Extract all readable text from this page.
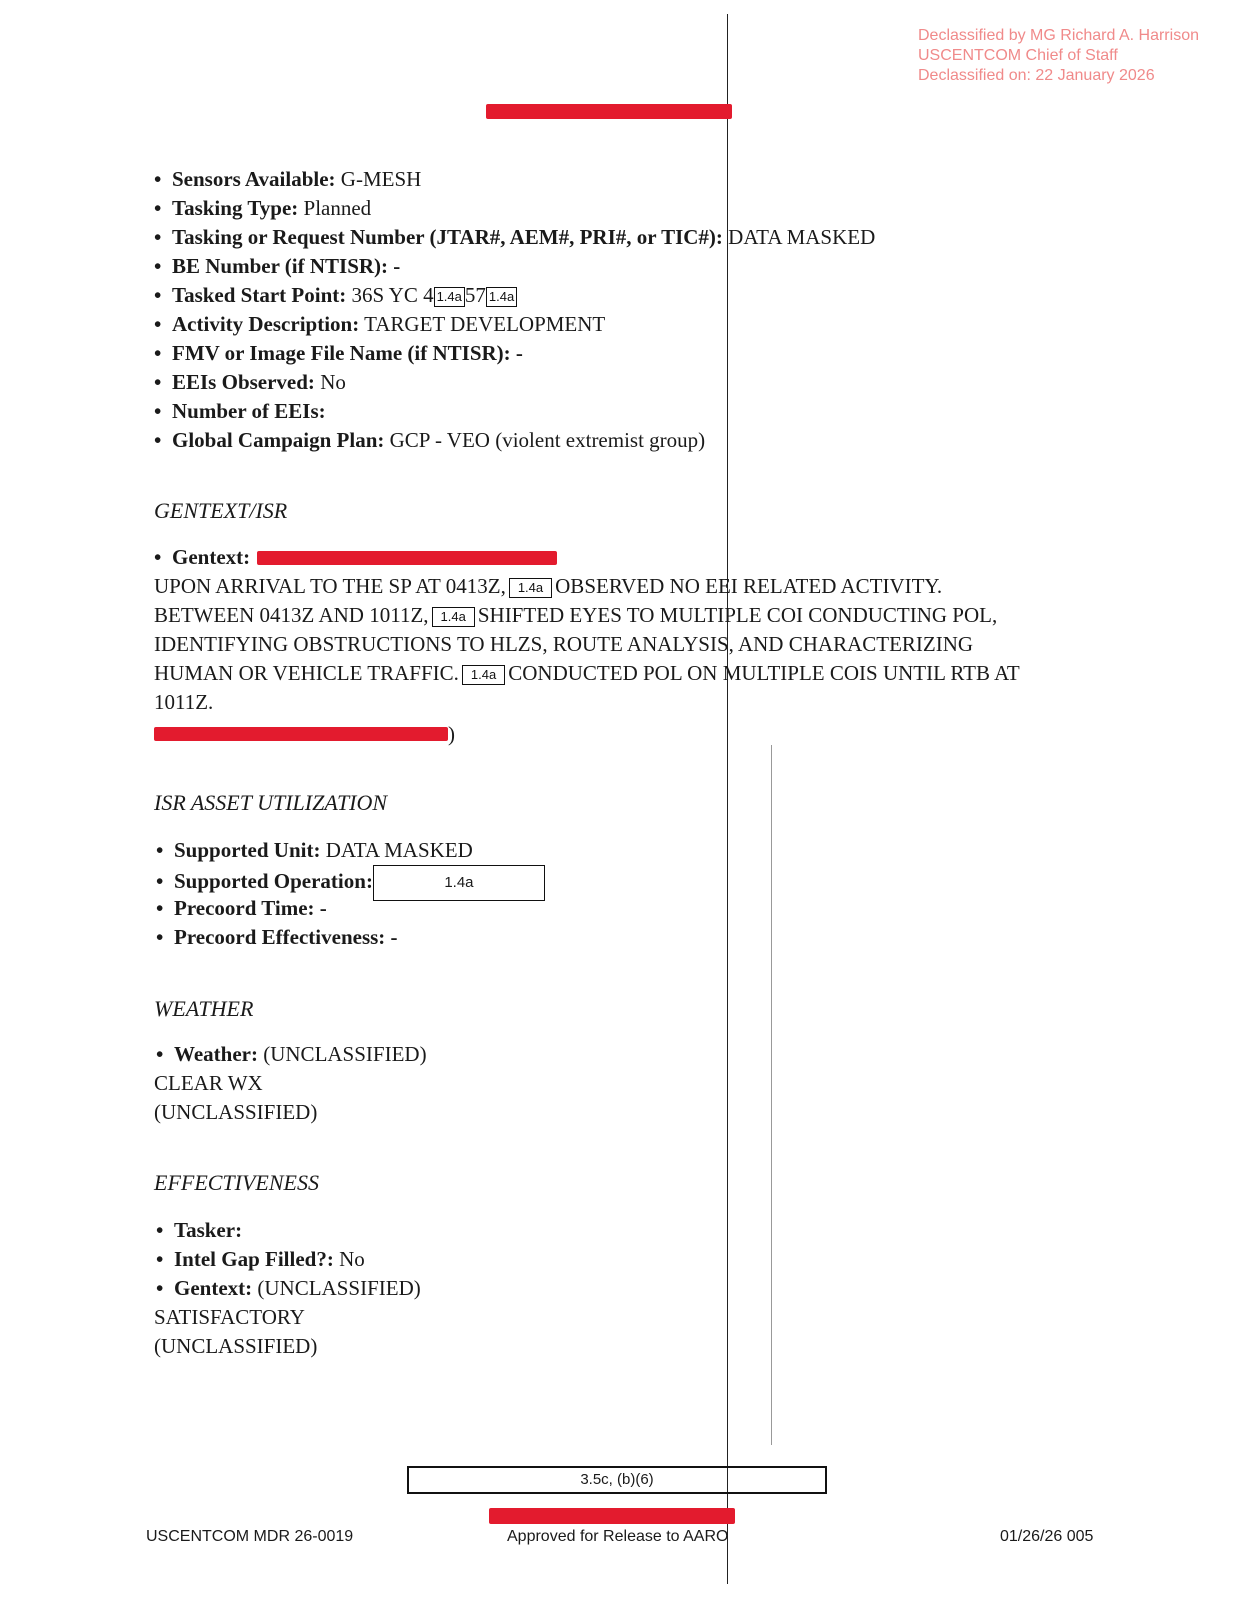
Declassified by MG Richard A. Harrison
USCENTCOM Chief of Staff
Declassified on: 22 January 2026
• Sensors Available: G-MESH
• Tasking Type: Planned
• Tasking or Request Number (JTAR#, AEM#, PRI#, or TIC#): DATA MASKED
• BE Number (if NTISR): -
• Tasked Start Point: 36S YC 4 1.4a 57 1.4a
• Activity Description: TARGET DEVELOPMENT
• FMV or Image File Name (if NTISR): -
• EEIs Observed: No
• Number of EEIs:
• Global Campaign Plan: GCP - VEO (violent extremist group)
GENTEXT/ISR
• Gentext:
UPON ARRIVAL TO THE SP AT 0413Z, 1.4a OBSERVED NO EEI RELATED ACTIVITY.
BETWEEN 0413Z AND 1011Z, 1.4a SHIFTED EYES TO MULTIPLE COI CONDUCTING POL,
IDENTIFYING OBSTRUCTIONS TO HLZS, ROUTE ANALYSIS, AND CHARACTERIZING
HUMAN OR VEHICLE TRAFFIC. 1.4a CONDUCTED POL ON MULTIPLE COIS UNTIL RTB AT
1011Z.
)
ISR ASSET UTILIZATION
• Supported Unit: DATA MASKED
• Supported Operation:	1.4a
• Precoord Time: -
• Precoord Effectiveness: -
WEATHER
• Weather: (UNCLASSIFIED)
CLEAR WX
(UNCLASSIFIED)
EFFECTIVENESS
• Tasker:
• Intel Gap Filled?: No
• Gentext: (UNCLASSIFIED)
SATISFACTORY
(UNCLASSIFIED)
3.5c, (b)(6)
USCENTCOM MDR 26-0019	Approved for Release to AARO	01/26/26 005
